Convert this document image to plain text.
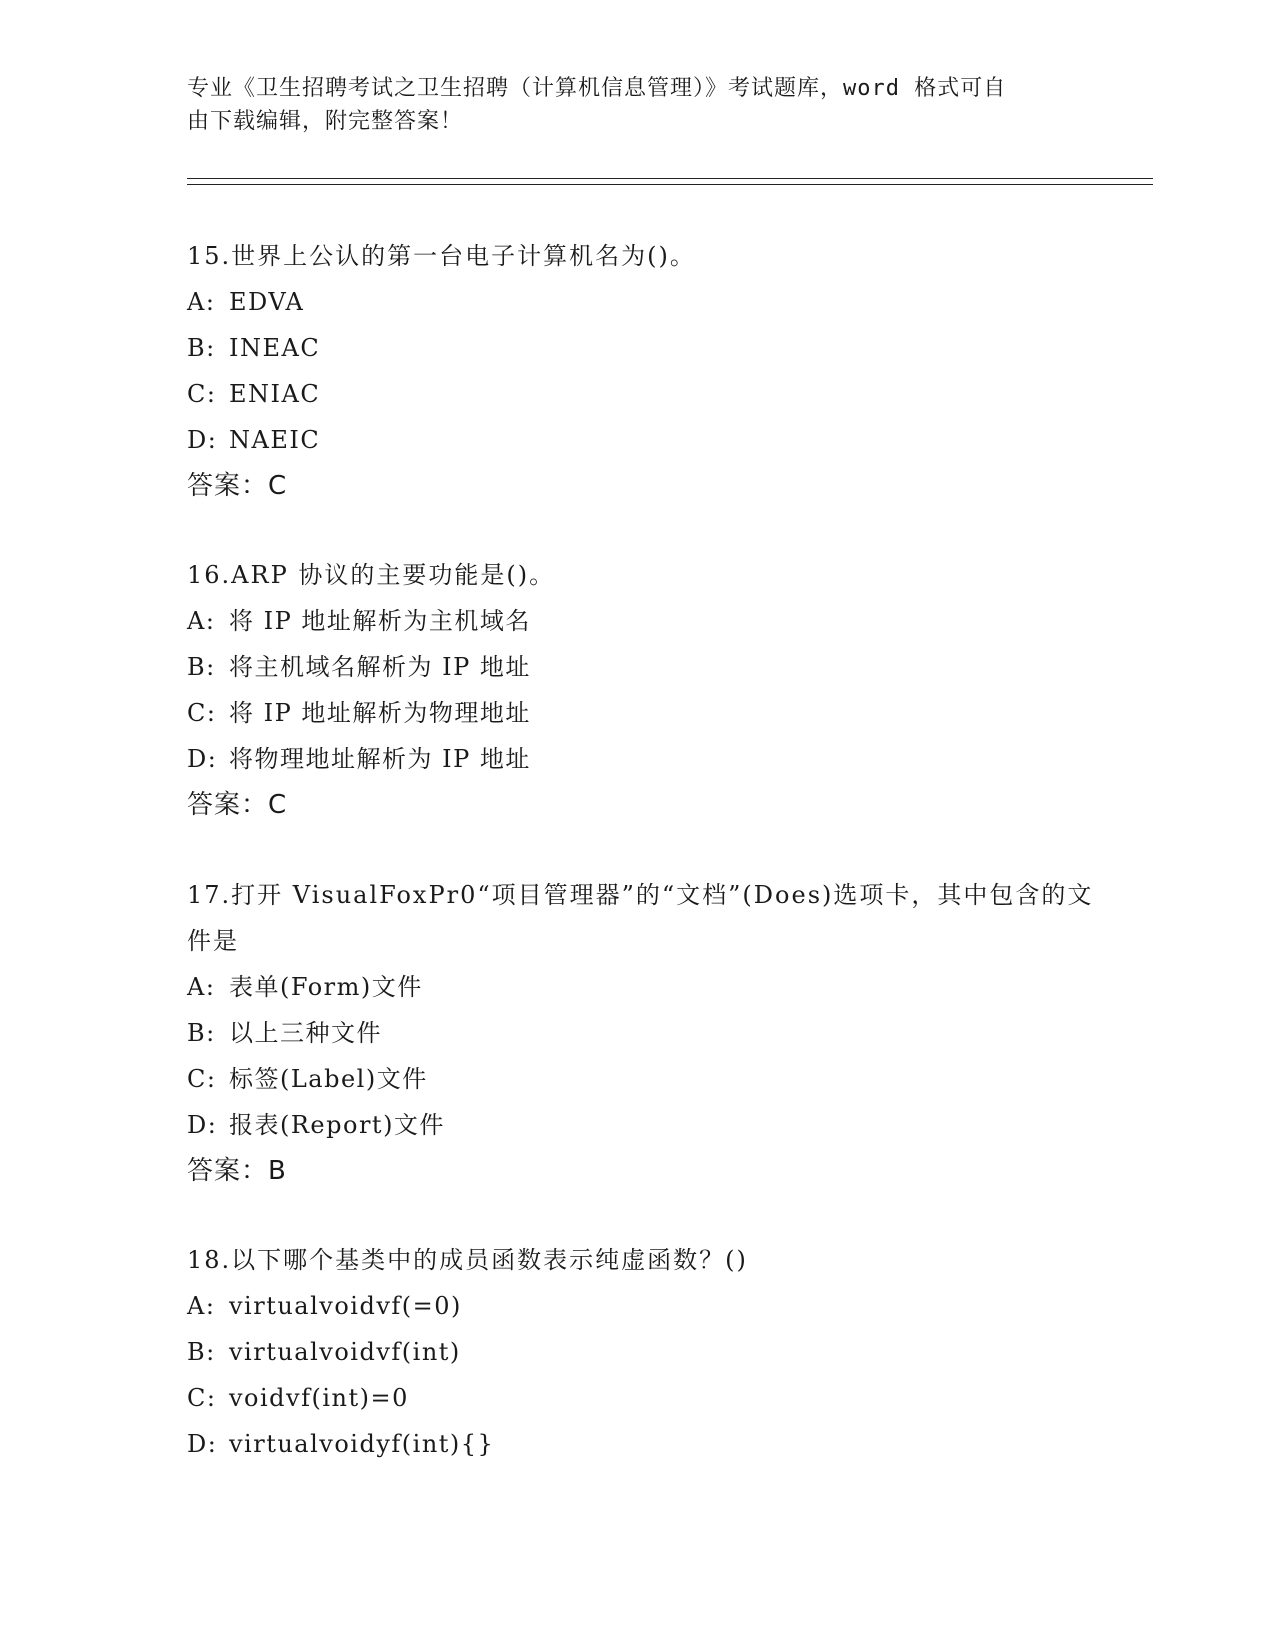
专业《卫生招聘考试之卫生招聘（计算机信息管理）》考试题库，word 格式可自
由下载编辑，附完整答案！
15.世界上公认的第一台电子计算机名为()。
A: EDVA
B: INEAC
C: ENIAC
D: NAEIC
答案：C
16.ARP 协议的主要功能是()。
A: 将 IP 地址解析为主机域名
B: 将主机域名解析为 IP 地址
C: 将 IP 地址解析为物理地址
D: 将物理地址解析为 IP 地址
答案：C
17.打开 VisualFoxPr0“项目管理器”的“文档”(Does)选项卡，其中包含的文件是
A: 表单(Form)文件
B: 以上三种文件
C: 标签(Label)文件
D: 报表(Report)文件
答案：B
18.以下哪个基类中的成员函数表示纯虚函数？()
A: virtualvoidvf(=0)
B: virtualvoidvf(int)
C: voidvf(int)=0
D: virtualvoidyf(int){}
